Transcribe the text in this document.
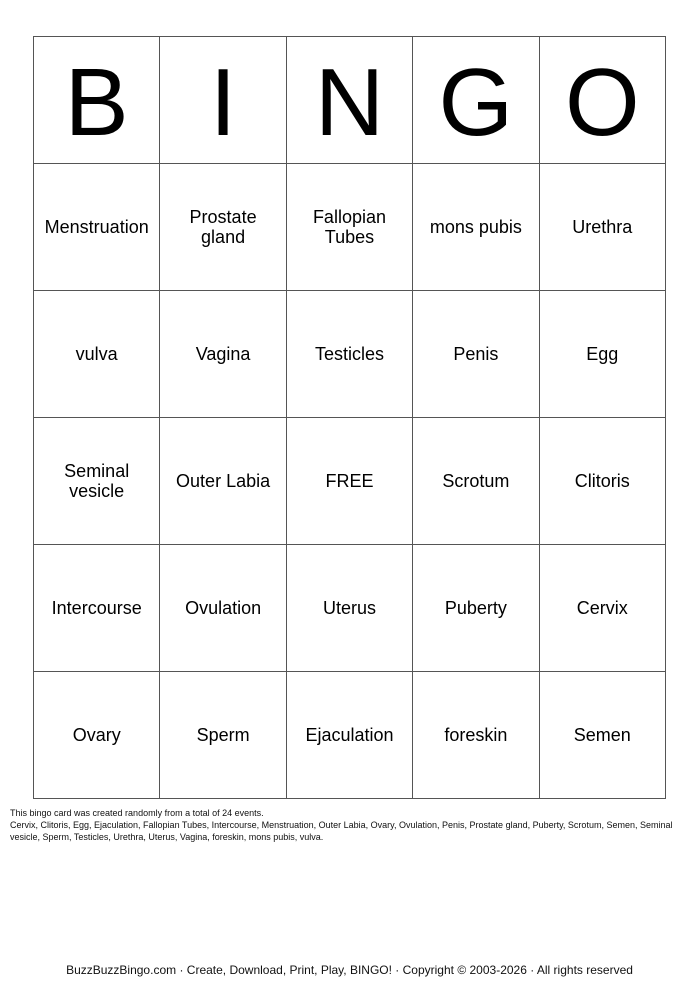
B	I	N	G	O
Menstruation	Prostate gland	Fallopian Tubes	mons pubis	Urethra
vulva	Vagina	Testicles	Penis	Egg
Seminal vesicle	Outer Labia	FREE	Scrotum	Clitoris
Intercourse	Ovulation	Uterus	Puberty	Cervix
Ovary	Sperm	Ejaculation	foreskin	Semen

This bingo card was created randomly from a total of 24 events.

Cervix, Clitoris, Egg, Ejaculation, Fallopian Tubes, Intercourse, Menstruation, Outer Labia, Ovary, Ovulation, Penis, Prostate gland, Puberty, Scrotum, Semen, Seminal vesicle, Sperm, Testicles, Urethra, Uterus, Vagina, foreskin, mons pubis, vulva.

BuzzBuzzBingo.com · Create, Download, Print, Play, BINGO! · Copyright © 2003-2026 · All rights reserved
